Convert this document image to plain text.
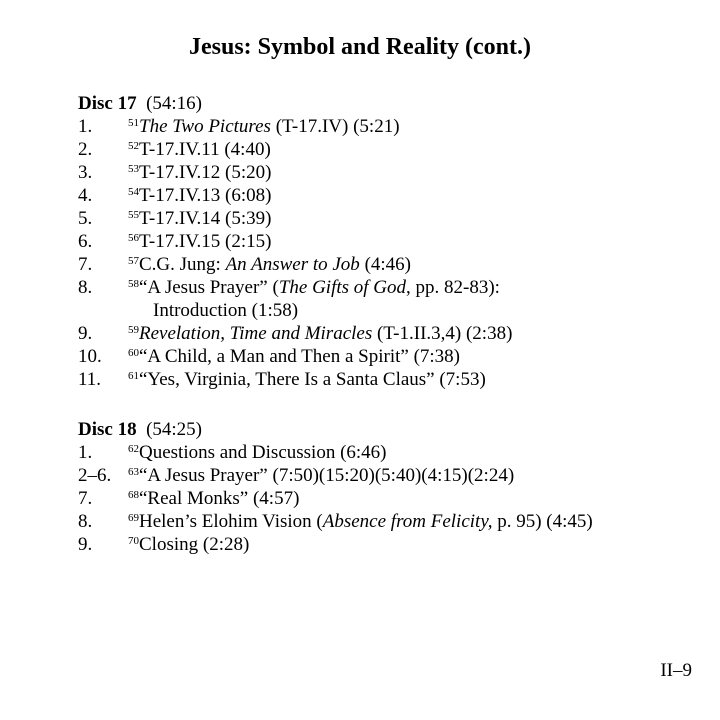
Jesus: Symbol and Reality (cont.)
Disc 17 (54:16)
1.	$^{51}$The Two Pictures (T-17.IV) (5:21)
2.	$^{52}$T-17.IV.11 (4:40)
3.	$^{53}$T-17.IV.12 (5:20)
4.	$^{54}$T-17.IV.13 (6:08)
5.	$^{55}$T-17.IV.14 (5:39)
6.	$^{56}$T-17.IV.15 (2:15)
7.	$^{57}$C.G. Jung: An Answer to Job (4:46)
8.	$^{58}$“A Jesus Prayer” (The Gifts of God, pp. 82-83):
Introduction (1:58)
9.	$^{59}$Revelation, Time and Miracles (T-1.II.3,4) (2:38)
10. $^{60}$“A Child, a Man and Then a Spirit” (7:38)
11. $^{61}$“Yes, Virginia, There Is a Santa Claus” (7:53)
Disc 18 (54:25)
1.	$^{62}$Questions and Discussion (6:46)
2–6. $^{63}$“A Jesus Prayer” (7:50)(15:20)(5:40)(4:15)(2:24)
7.	$^{68}$“Real Monks” (4:57)
8.	$^{69}$Helen’s Elohim Vision (Absence from Felicity, p. 95) (4:45)
9.	$^{70}$Closing (2:28)
II–9
